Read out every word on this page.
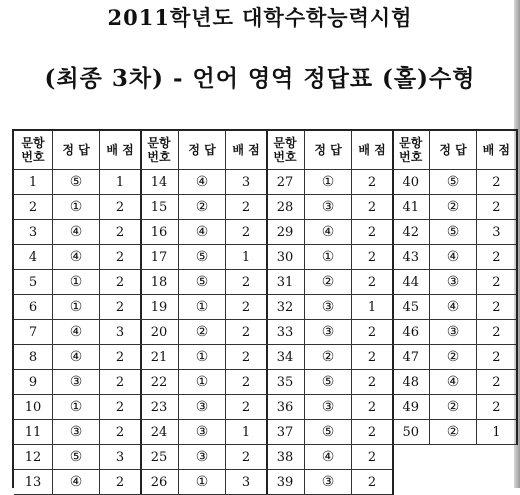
2011학년도 대학수학능력시험
(최종 3차) - 언어 영역 정답표 (홀)수형
문항
번호	정 답	배 점
1	⑤	1
2	①	2
3	④	2
4	④	2
5	①	2
6	①	2
7	④	3
8	④	2
9	③	2
10	①	2
11	③	2
12	⑤	3
13	④	2
문항
번호	정 답	배 점
14	④	3
15	②	2
16	④	2
17	⑤	1
18	⑤	2
19	①	2
20	②	2
21	①	2
22	①	2
23	③	2
24	③	1
25	③	2
26	①	3
문항
번호	정 답	배 점
27	①	2
28	③	2
29	④	2
30	①	2
31	②	2
32	③	1
33	③	2
34	②	2
35	⑤	2
36	③	2
37	⑤	2
38	④	2
39	③	2
문항
번호	정 답	배 점
40	⑤	2
41	②	2
42	⑤	3
43	④	2
44	③	2
45	④	2
46	③	2
47	②	2
48	④	2
49	②	2
50	②	1
